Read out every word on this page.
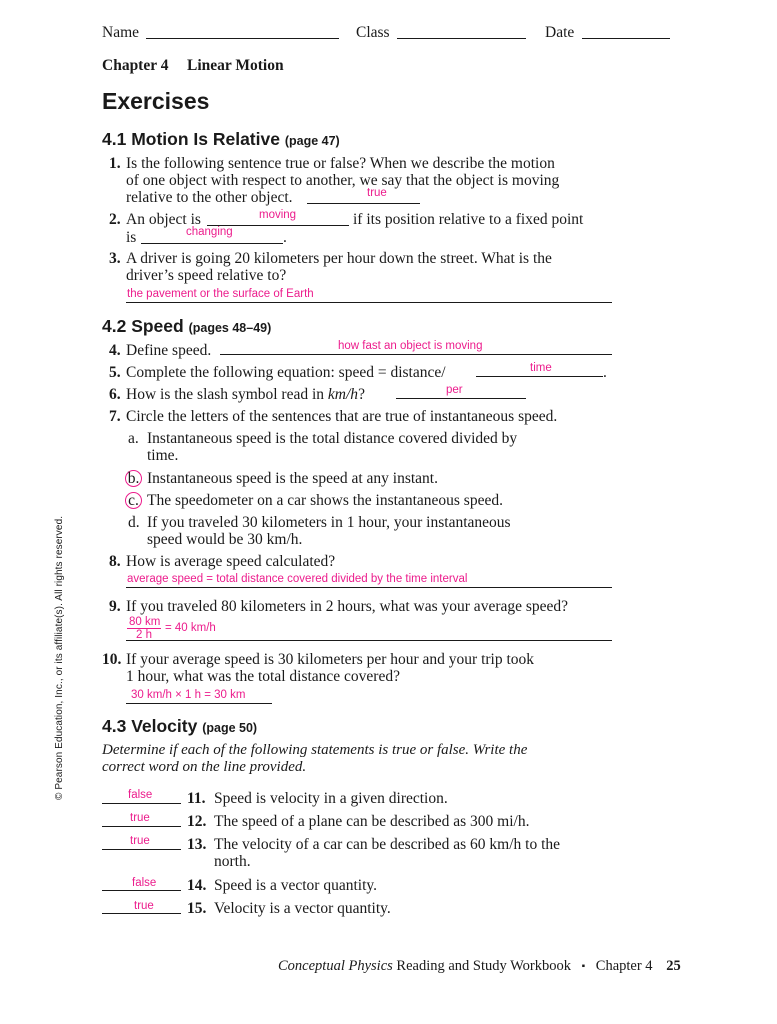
Name	Class	Date
Chapter 4 Linear Motion
Exercises
4.1 Motion Is Relative (page 47)
1. Is the following sentence true or false? When we describe the motion
of one object with respect to another, we say that the object is moving
relative to the other object.	true
2. An object is	moving	if its position relative to a fixed point
is	changing	.
3. A driver is going 20 kilometers per hour down the street. What is the
driver’s speed relative to?
the pavement or the surface of Earth
4.2 Speed (pages 48–49)
4. Define speed.	how fast an object is moving
5. Complete the following equation: speed = distance/	time	.
6. How is the slash symbol read in km/h?	per
7. Circle the letters of the sentences that are true of instantaneous speed.
a. Instantaneous speed is the total distance covered divided by
time.
b. Instantaneous speed is the speed at any instant.
c. The speedometer on a car shows the instantaneous speed.
d. If you traveled 30 kilometers in 1 hour, your instantaneous
speed would be 30 km/h.
8. How is average speed calculated?
average speed = total distance covered divided by the time interval
9. If you traveled 80 kilometers in 2 hours, what was your average speed?
80 km
2 h
= 40 km/h
10. If your average speed is 30 kilometers per hour and your trip took
1 hour, what was the total distance covered?
30 km/h × 1 h = 30 km
4.3 Velocity (page 50)
Determine if each of the following statements is true or false. Write the
correct word on the line provided.
false 11. Speed is velocity in a given direction.
true 12. The speed of a plane can be described as 300 mi/h.
true 13. The velocity of a car can be described as 60 km/h to the
north.
false 14. Speed is a vector quantity.
true 15. Velocity is a vector quantity.
© Pearson Education, Inc., or its affiliate(s). All rights reserved.
Conceptual Physics Reading and Study Workbook ▪ Chapter 4 25
